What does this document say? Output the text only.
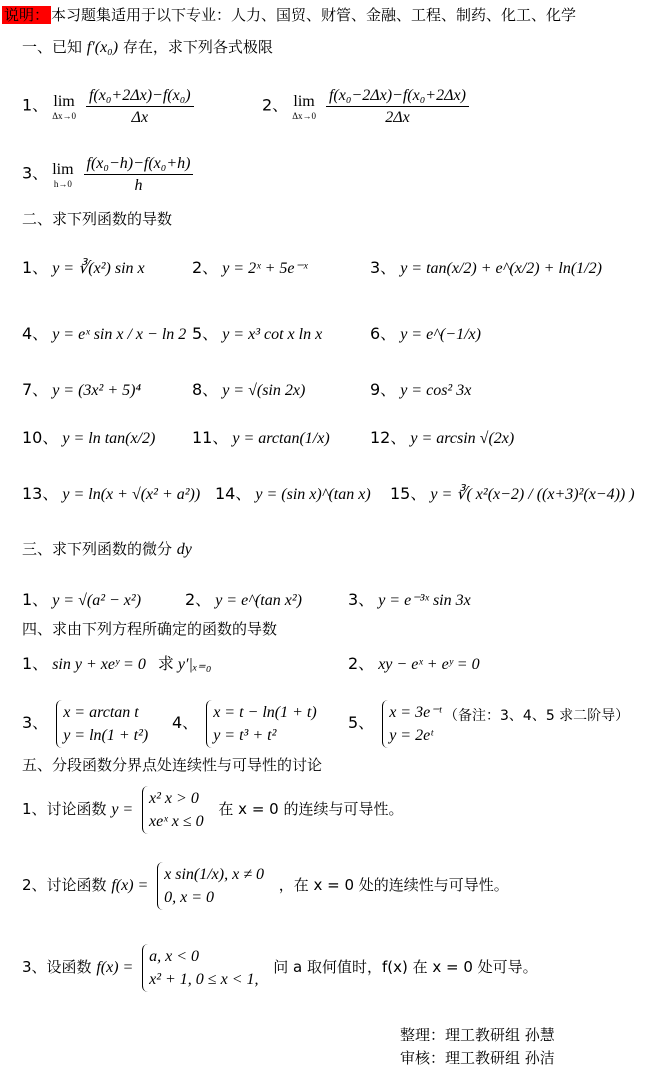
说明： 本习题集适用于以下专业：人力、国贸、财管、金融、工程、制药、化工、化学
一、已知 f′(x₀) 存在，求下列各式极限
1、 lim
Δx→0
$\frac{\text{f(x₀+2Δx)−f(x₀)}}{\Delta x}$	2、 lim
Δx→0
$\frac{\text{f(x₀−2Δx)−f(x₀+2Δx)}}{2\Delta x}$
3、 lim
h→0
$\frac{\text{f(x₀−h)−f(x₀+h)}}{h}$
二、求下列函数的导数
1、 y = ∛(x²) sin x	2、 y = 2ˣ + 5e⁻ˣ	3、 y = tan(x/2) + e^(x/2) + ln(1/2)
4、 y = eˣ sin x / x − ln 2 5、 y = x³ cot x ln x	6、 y = e^(−1/x)
7、 y = (3x² + 5)⁴	8、 y = √(sin 2x)	9、 y = cos² 3x
10、 y = ln tan(x/2) 11、 y = arctan(1/x)	12、 y = arcsin √(2x)
13、 y = ln(x + √(x² + a²)) 14、 y = (sin x)^(tan x) 15、 y = ∛( x²(x−2) / ((x+3)²(x−4)) )
三、求下列函数的微分 dy
1、 y = √(a² − x²)	2、 y = e^(tan x²)	3、 y = e⁻³ˣ sin 3x
四、求由下列方程所确定的函数的导数
1、 sin y + xeʸ = 0 求 y′|ₓ₌₀	2、 xy − eˣ + eʸ = 0
3、
x = arctan t
y = ln(1 + t²)
4、
x = t − ln(1 + t)
y = t³ + t²
5、
x = 3e⁻ᵗ
y = 2eᵗ
（备注：3、4、5 求二阶导）
五、分段函数分界点处连续性与可导性的讨论
1、讨论函数 y =
x² x > 0
xeˣ x ≤ 0
在 x = 0 的连续与可导性。
2、讨论函数 f(x) =
x sin(1/x), x ≠ 0
0, x = 0
，在 x = 0 处的连续性与可导性。
3、设函数 f(x) =
a, x < 0
x² + 1, 0 ≤ x < 1,
问 a 取何值时，f(x) 在 x = 0 处可导。
整理：理工教研组 孙慧
审核：理工教研组 孙洁
